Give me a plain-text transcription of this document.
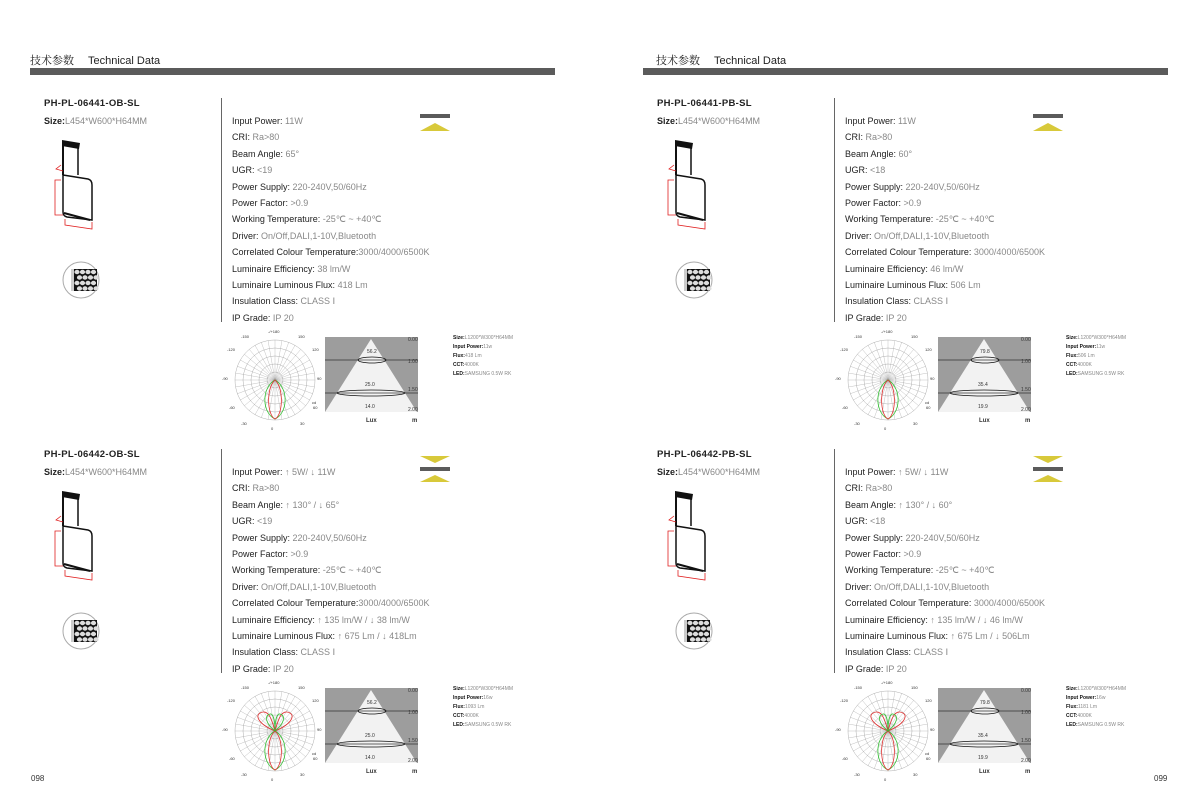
技术参数 Technical Data	技术参数 Technical Data
098	099
PH-PL-06441-OB-SL
Size:L454*W600*H64MM	Input Power: 11W
CRI: Ra>80
Beam Angle: 65°
UGR: <19
Power Supply: 220-240V,50/60Hz
Power Factor: >0.9
Working Temperature: -25℃ ~ +40℃
Driver: On/Off,DALI,1-10V,Bluetooth
Correlated Colour Temperature:3000/4000/6500K
Luminaire Efficiency: 38 lm/W
Luminaire Luminous Flux: 418 Lm
Insulation Class: CLASS Ⅰ
IP Grade: IP 20
-/+180
-150	150
-120	120
-90	90
-60	60
-30	30
0
cd
56.2
25.0
14.0
0.00
1.00
1.50
2.00
Lux	m
Size:L1200*W300*H64MM
Input Power:11w
Flux:418 Lm
CCT:4000K
LED:SAMSUNG 0.5W RK
PH-PL-06442-OB-SL
Size:L454*W600*H64MM	Input Power: ↑ 5W/ ↓ 11W
CRI: Ra>80
Beam Angle: ↑ 130° / ↓ 65°
UGR: <19
Power Supply: 220-240V,50/60Hz
Power Factor: >0.9
Working Temperature: -25℃ ~ +40℃
Driver: On/Off,DALI,1-10V,Bluetooth
Correlated Colour Temperature:3000/4000/6500K
Luminaire Efficiency: ↑ 135 lm/W / ↓ 38 lm/W
Luminaire Luminous Flux: ↑ 675 Lm / ↓ 418Lm
Insulation Class: CLASS Ⅰ
IP Grade: IP 20
-/+180
-150	150
-120	120
-90	90
-60	60
-30	30
0
cd
56.2
25.0
14.0
0.00
1.00
1.50
2.00
Lux	m
Size:L1200*W300*H64MM
Input Power:16w
Flux:1093 Lm
CCT:4000K
LED:SAMSUNG 0.5W RK
PH-PL-06441-PB-SL
Size:L454*W600*H64MM	Input Power: 11W
CRI: Ra>80
Beam Angle: 60°
UGR: <18
Power Supply: 220-240V,50/60Hz
Power Factor: >0.9
Working Temperature: -25℃ ~ +40℃
Driver: On/Off,DALI,1-10V,Bluetooth
Correlated Colour Temperature: 3000/4000/6500K
Luminaire Efficiency: 46 lm/W
Luminaire Luminous Flux: 506 Lm
Insulation Class: CLASS Ⅰ
IP Grade: IP 20
-/+180
-150	150
-120	120
-90	90
-60	60
-30	30
0
cd
79.8
35.4
19.9
0.00
1.00
1.50
2.00
Lux	m
Size:L1200*W300*H64MM
Input Power:11w
Flux:506 Lm
CCT:4000K
LED:SAMSUNG 0.5W RK
PH-PL-06442-PB-SL
Size:L454*W600*H64MM	Input Power: ↑ 5W/ ↓ 11W
CRI: Ra>80
Beam Angle: ↑ 130° / ↓ 60°
UGR: <18
Power Supply: 220-240V,50/60Hz
Power Factor: >0.9
Working Temperature: -25℃ ~ +40℃
Driver: On/Off,DALI,1-10V,Bluetooth
Correlated Colour Temperature: 3000/4000/6500K
Luminaire Efficiency: ↑ 135 lm/W / ↓ 46 lm/W
Luminaire Luminous Flux: ↑ 675 Lm / ↓ 506Lm
Insulation Class: CLASS Ⅰ
IP Grade: IP 20
-/+180
-150	150
-120	120
-90	90
-60	60
-30	30
0
cd
79.8
35.4
19.9
0.00
1.00
1.50
2.00
Lux	m
Size:L1200*W300*H64MM
Input Power:16w
Flux:1181 Lm
CCT:4000K
LED:SAMSUNG 0.5W RK
